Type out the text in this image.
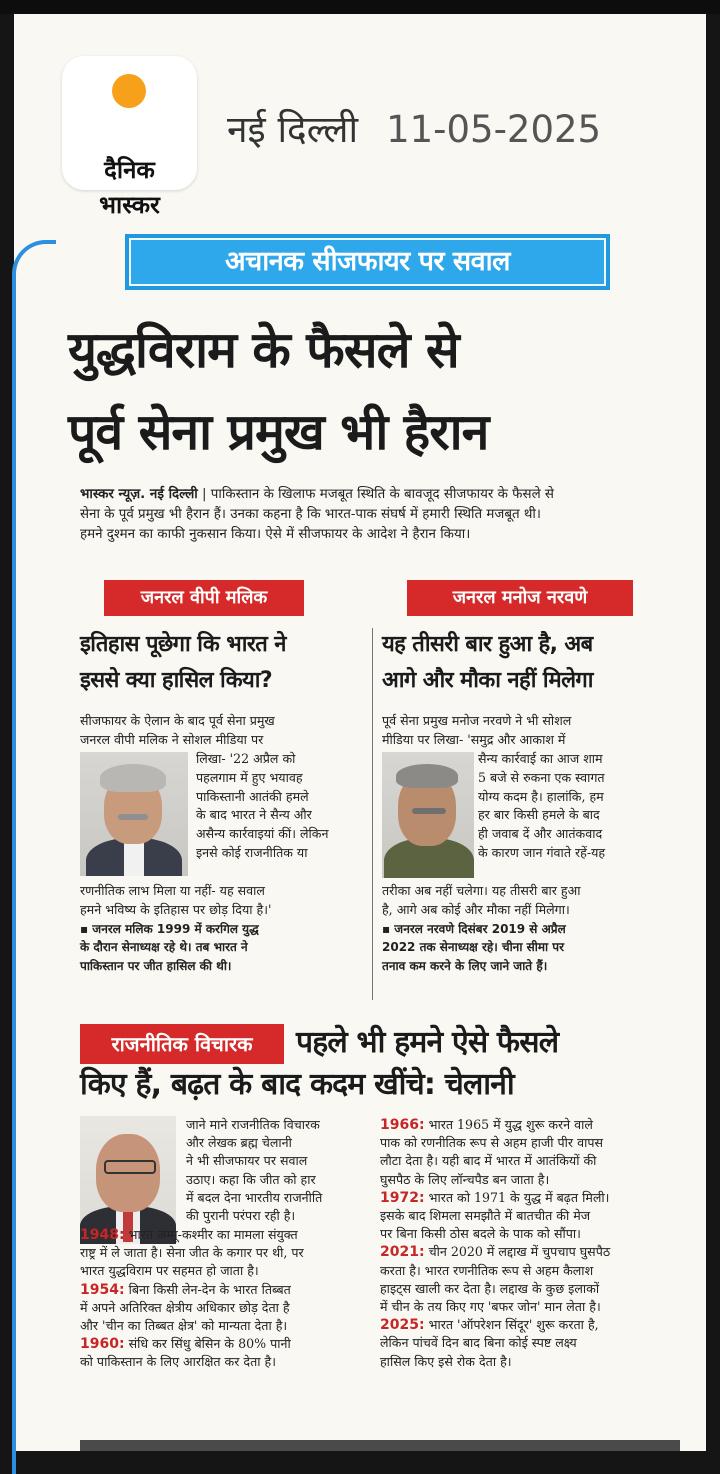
दैनिक
भास्कर
नई दिल्ली 11-05-2025
अचानक सीजफायर पर सवाल
युद्धविराम के फैसले से
पूर्व सेना प्रमुख भी हैरान
भास्कर न्यूज़. नई दिल्ली | पाकिस्तान के खिलाफ मजबूत स्थिति के बावजूद सीजफायर के फैसले से
सेना के पूर्व प्रमुख भी हैरान हैं। उनका कहना है कि भारत-पाक संघर्ष में हमारी स्थिति मजबूत थी।
हमने दुश्मन का काफी नुकसान किया। ऐसे में सीजफायर के आदेश ने हैरान किया।
जनरल वीपी मलिक
इतिहास पूछेगा कि भारत ने
इससे क्या हासिल किया?
सीजफायर के ऐलान के बाद पूर्व सेना प्रमुख
जनरल वीपी मलिक ने सोशल मीडिया पर
लिखा- '22 अप्रैल को
पहलगाम में हुए भयावह
पाकिस्तानी आतंकी हमले
के बाद भारत ने सैन्य और
असैन्य कार्रवाइयां कीं। लेकिन
इनसे कोई राजनीतिक या
रणनीतिक लाभ मिला या नहीं- यह सवाल
हमने भविष्य के इतिहास पर छोड़ दिया है।'
▪ जनरल मलिक 1999 में करगिल युद्ध
के दौरान सेनाध्यक्ष रहे थे। तब भारत ने
पाकिस्तान पर जीत हासिल की थी।
जनरल मनोज नरवणे
यह तीसरी बार हुआ है, अब
आगे और मौका नहीं मिलेगा
पूर्व सेना प्रमुख मनोज नरवणे ने भी सोशल
मीडिया पर लिखा- 'समुद्र और आकाश में
सैन्य कार्रवाई का आज शाम
5 बजे से रुकना एक स्वागत
योग्य कदम है। हालांकि, हम
हर बार किसी हमले के बाद
ही जवाब दें और आतंकवाद
के कारण जान गंवाते रहें-यह
तरीका अब नहीं चलेगा। यह तीसरी बार हुआ
है, आगे अब कोई और मौका नहीं मिलेगा।
▪ जनरल नरवणे दिसंबर 2019 से अप्रैल
2022 तक सेनाध्यक्ष रहे। चीना सीमा पर
तनाव कम करने के लिए जाने जाते हैं।
राजनीतिक विचारक	पहले भी हमने ऐसे फैसले
किए हैं, बढ़त के बाद कदम खींचे: चेलानी
जाने माने राजनीतिक विचारक
और लेखक ब्रह्म चेलानी
ने भी सीजफायर पर सवाल
उठाए। कहा कि जीत को हार
में बदल देना भारतीय राजनीति
की पुरानी परंपरा रही है।
1948: भारत जम्मू-कश्मीर का मामला संयुक्त
राष्ट्र में ले जाता है। सेना जीत के कगार पर थी, पर
भारत युद्धविराम पर सहमत हो जाता है।
1954: बिना किसी लेन-देन के भारत तिब्बत
में अपने अतिरिक्त क्षेत्रीय अधिकार छोड़ देता है
और 'चीन का तिब्बत क्षेत्र' को मान्यता देता है।
1960: संधि कर सिंधु बेसिन के 80% पानी
को पाकिस्तान के लिए आरक्षित कर देता है।
1966: भारत 1965 में युद्ध शुरू करने वाले
पाक को रणनीतिक रूप से अहम हाजी पीर वापस
लौटा देता है। यही बाद में भारत में आतंकियों की
घुसपैठ के लिए लॉन्चपैड बन जाता है।
1972: भारत को 1971 के युद्ध में बढ़त मिली।
इसके बाद शिमला समझौते में बातचीत की मेज
पर बिना किसी ठोस बदले के पाक को सौंपा।
2021: चीन 2020 में लद्दाख में चुपचाप घुसपैठ
करता है। भारत रणनीतिक रूप से अहम कैलाश
हाइट्स खाली कर देता है। लद्दाख के कुछ इलाकों
में चीन के तय किए गए 'बफर जोन' मान लेता है।
2025: भारत 'ऑपरेशन सिंदूर' शुरू करता है,
लेकिन पांचवें दिन बाद बिना कोई स्पष्ट लक्ष्य
हासिल किए इसे रोक देता है।
